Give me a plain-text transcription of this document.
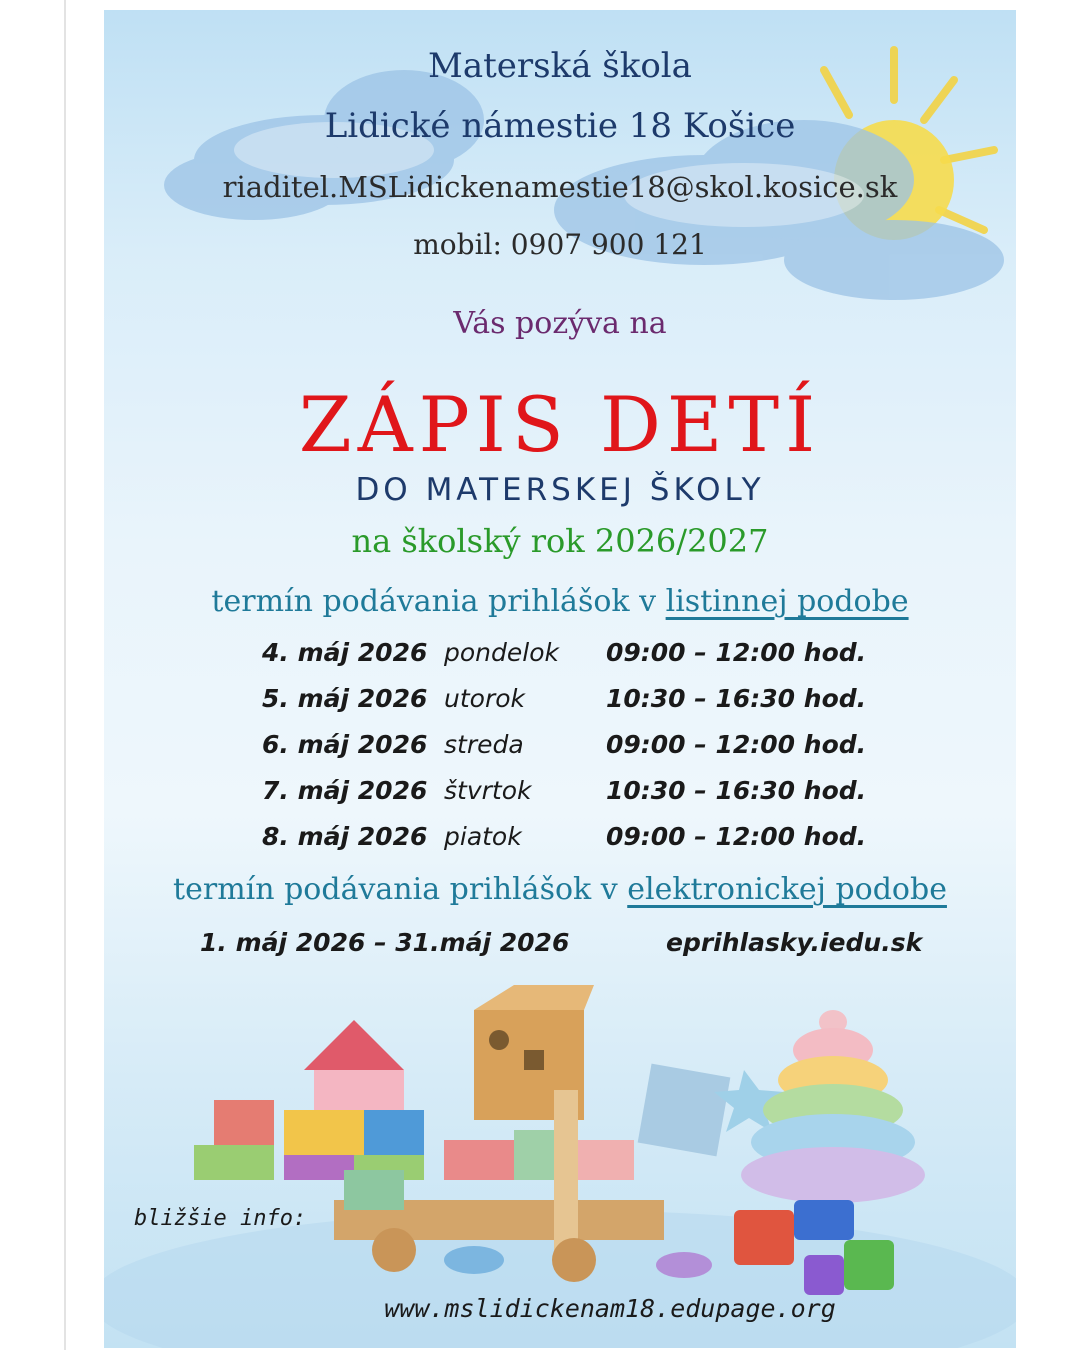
Materská škola
Lidické námestie 18 Košice
riaditel.MSLidickenamestie18@skol.kosice.sk
mobil: 0907 900 121
Vás pozýva na
ZÁPIS DETÍ
DO MATERSKEJ ŠKOLY
na školský rok 2026/2027
termín podávania prihlášok v listinnej podobe
4. máj 2026 pondelok 09:00 – 12:00 hod.
5. máj 2026 utorok	10:30 – 16:30 hod.
6. máj 2026 streda	09:00 – 12:00 hod.
7. máj 2026 štvrtok	10:30 – 16:30 hod.
8. máj 2026 piatok	09:00 – 12:00 hod.
termín podávania prihlášok v elektronickej podobe
1. máj 2026 – 31.máj 2026	eprihlasky.iedu.sk
bližšie info:
www.mslidickenam18.edupage.org
